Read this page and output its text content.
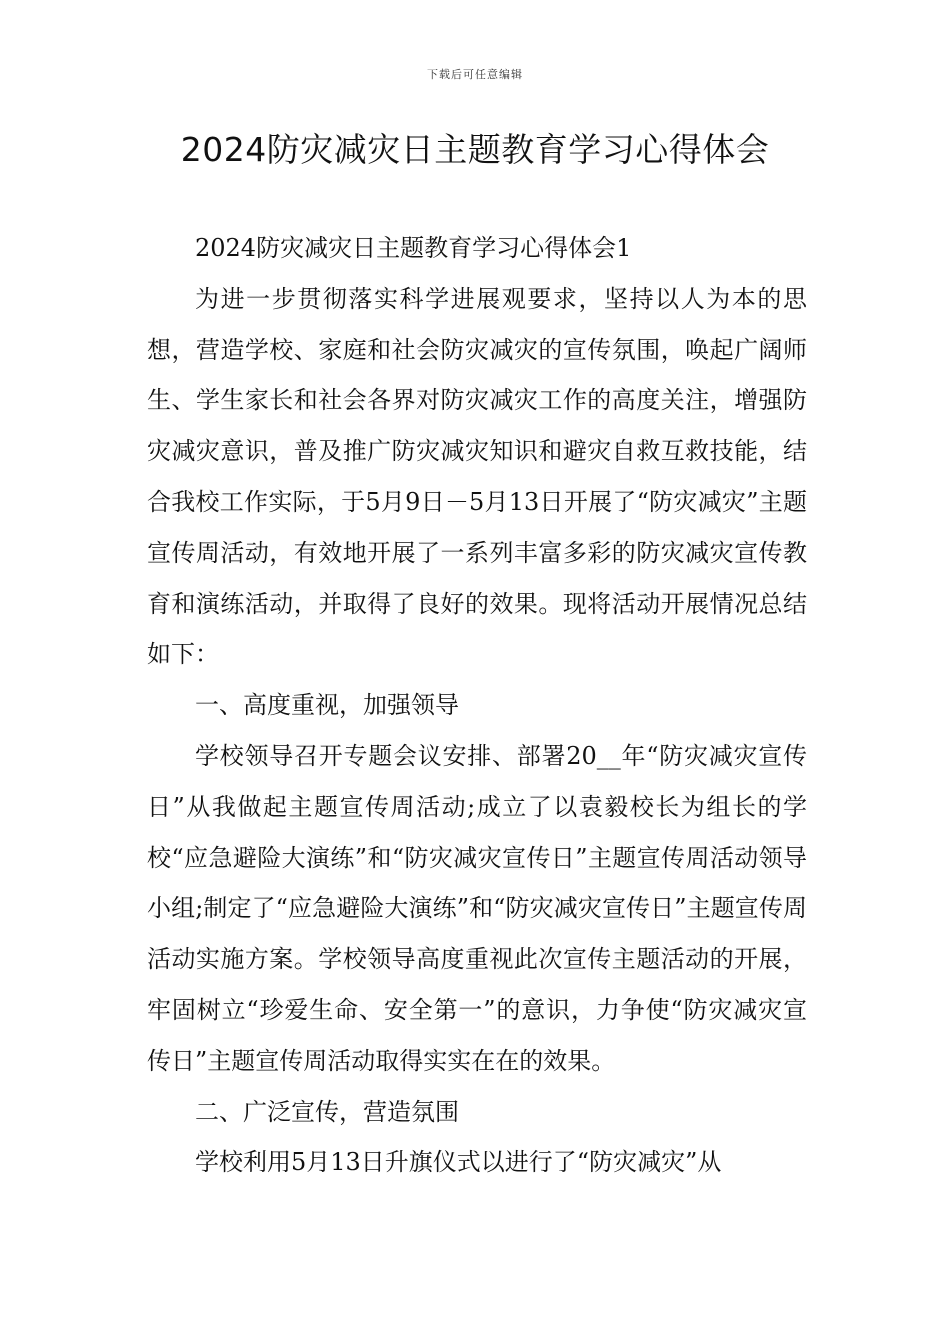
下载后可任意编辑
2024防灾减灾日主题教育学习心得体会

2024防灾减灾日主题教育学习心得体会1

为进一步贯彻落实科学进展观要求，坚持以人为本的思想，营造学校、家庭和社会防灾减灾的宣传氛围，唤起广阔师生、学生家长和社会各界对防灾减灾工作的高度关注，增强防灾减灾意识，普及推广防灾减灾知识和避灾自救互救技能，结合我校工作实际，于5月9日－5月13日开展了“防灾减灾”主题宣传周活动，有效地开展了一系列丰富多彩的防灾减灾宣传教育和演练活动，并取得了良好的效果。现将活动开展情况总结如下：

一、高度重视，加强领导

学校领导召开专题会议安排、部署20__年“防灾减灾宣传日”从我做起主题宣传周活动;成立了以袁毅校长为组长的学校“应急避险大演练”和“防灾减灾宣传日”主题宣传周活动领导小组;制定了“应急避险大演练”和“防灾减灾宣传日”主题宣传周活动实施方案。学校领导高度重视此次宣传主题活动的开展，牢固树立“珍爱生命、安全第一”的意识，力争使“防灾减灾宣传日”主题宣传周活动取得实实在在的效果。

二、广泛宣传，营造氛围

学校利用5月13日升旗仪式以进行了“防灾减灾”从
